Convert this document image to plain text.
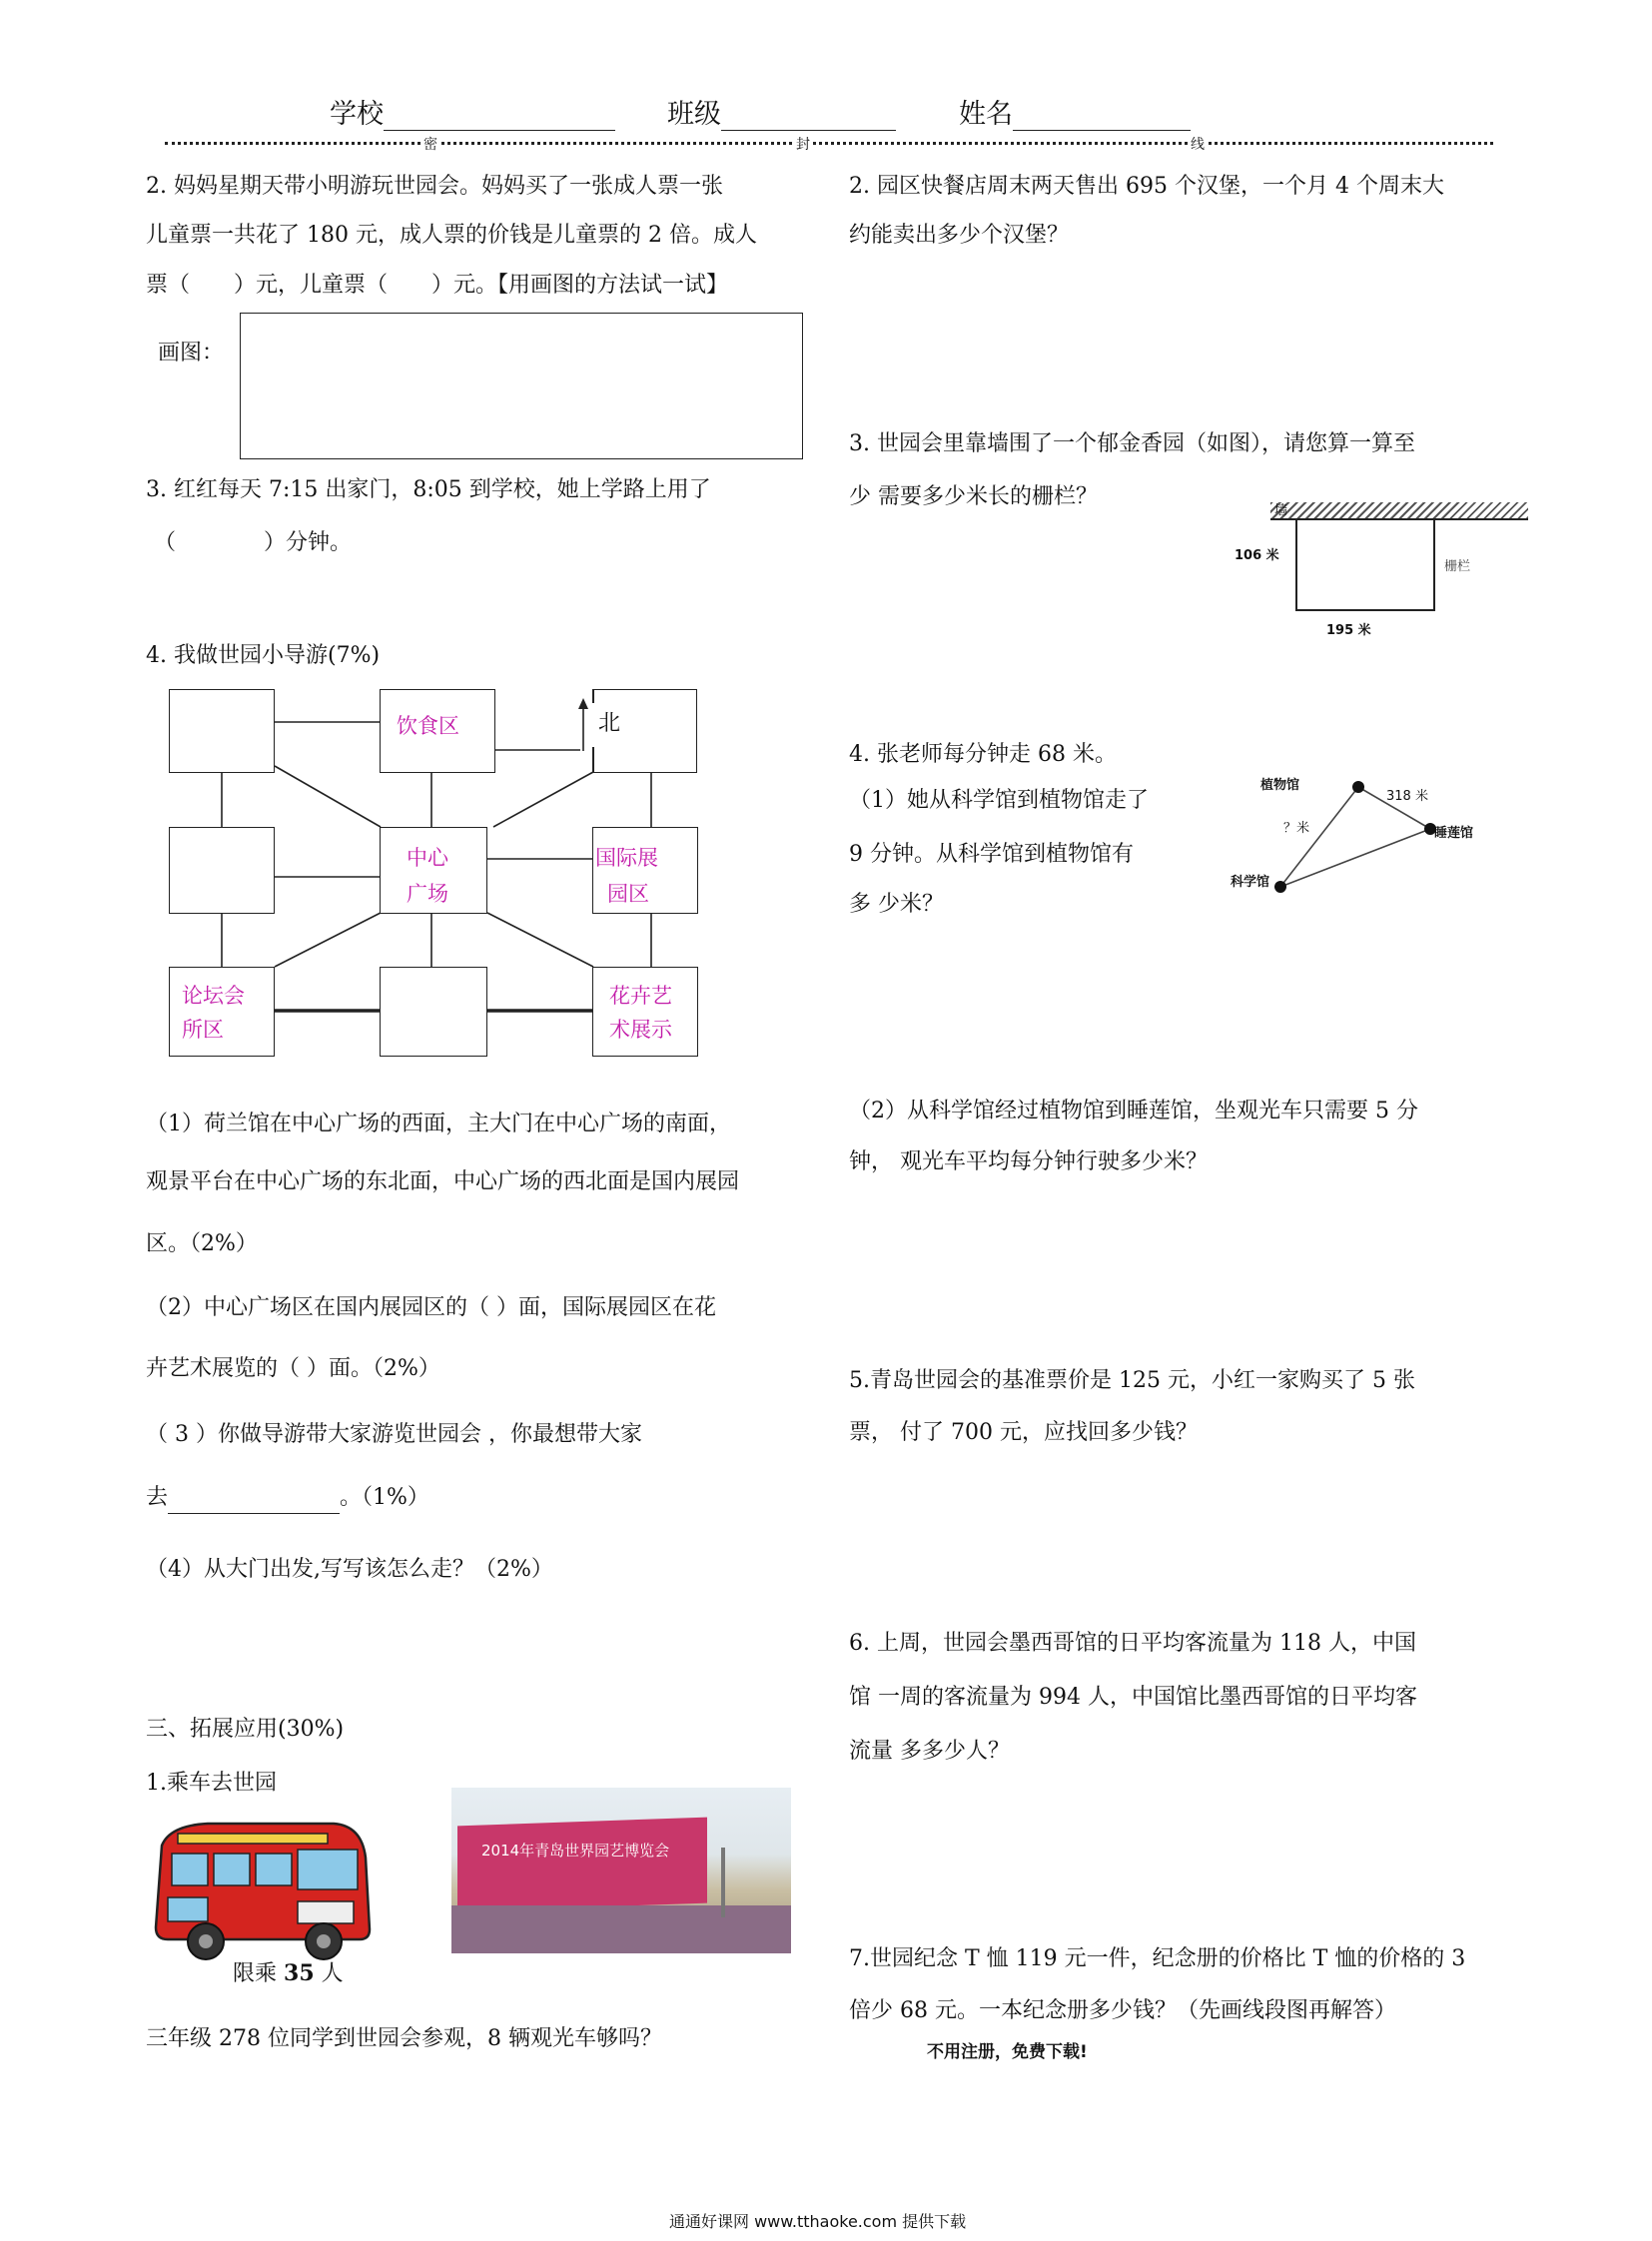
学校	班级	姓名
密	封	线
2. 妈妈星期天带小明游玩世园会。妈妈买了一张成人票一张
儿童票一共花了 180 元，成人票的价钱是儿童票的 2 倍。成人
票（　　）元，儿童票（　　）元。【用画图的方法试一试】
画图：
3. 红红每天 7:15 出家门，8:05 到学校，她上学路上用了
（　　　　）分钟。
4. 我做世园小导游(7%)
饮食区	北
中心
广场
国际展
园区
论坛会
所区
花卉艺
术展示
（1）荷兰馆在中心广场的西面，主大门在中心广场的南面，
观景平台在中心广场的东北面，中心广场的西北面是国内展园
区。（2%）
（2）中心广场区在国内展园区的（ ）面，国际展园区在花
卉艺术展览的（ ）面。（2%）
（ 3 ）你做导游带大家游览世园会 ，你最想带大家
去	。（1%）
（4）从大门出发,写写该怎么走？（2%）
三、拓展应用(30%)
1.乘车去世园
限乘 35 人
2014年青岛世界园艺博览会
三年级 278 位同学到世园会参观，8 辆观光车够吗？
2. 园区快餐店周末两天售出 695 个汉堡，一个月 4 个周末大
约能卖出多少个汉堡？
3. 世园会里靠墙围了一个郁金香园（如图），请您算一算至
少 需要多少米长的栅栏？
墙
106 米
栅栏
195 米
4. 张老师每分钟走 68 米。
（1）她从科学馆到植物馆走了
9 分钟。从科学馆到植物馆有
多 少米？
植物馆
318 米
睡莲馆
？米
科学馆
（2）从科学馆经过植物馆到睡莲馆，坐观光车只需要 5 分
钟， 观光车平均每分钟行驶多少米？
5.青岛世园会的基准票价是 125 元，小红一家购买了 5 张
票， 付了 700 元，应找回多少钱？
6. 上周，世园会墨西哥馆的日平均客流量为 118 人，中国
馆 一周的客流量为 994 人，中国馆比墨西哥馆的日平均客
流量 多多少人？
7.世园纪念 T 恤 119 元一件，纪念册的价格比 T 恤的价格的 3
倍少 68 元。一本纪念册多少钱？（先画线段图再解答）
不用注册，免费下载!
通通好课网 www.tthaoke.com 提供下载
